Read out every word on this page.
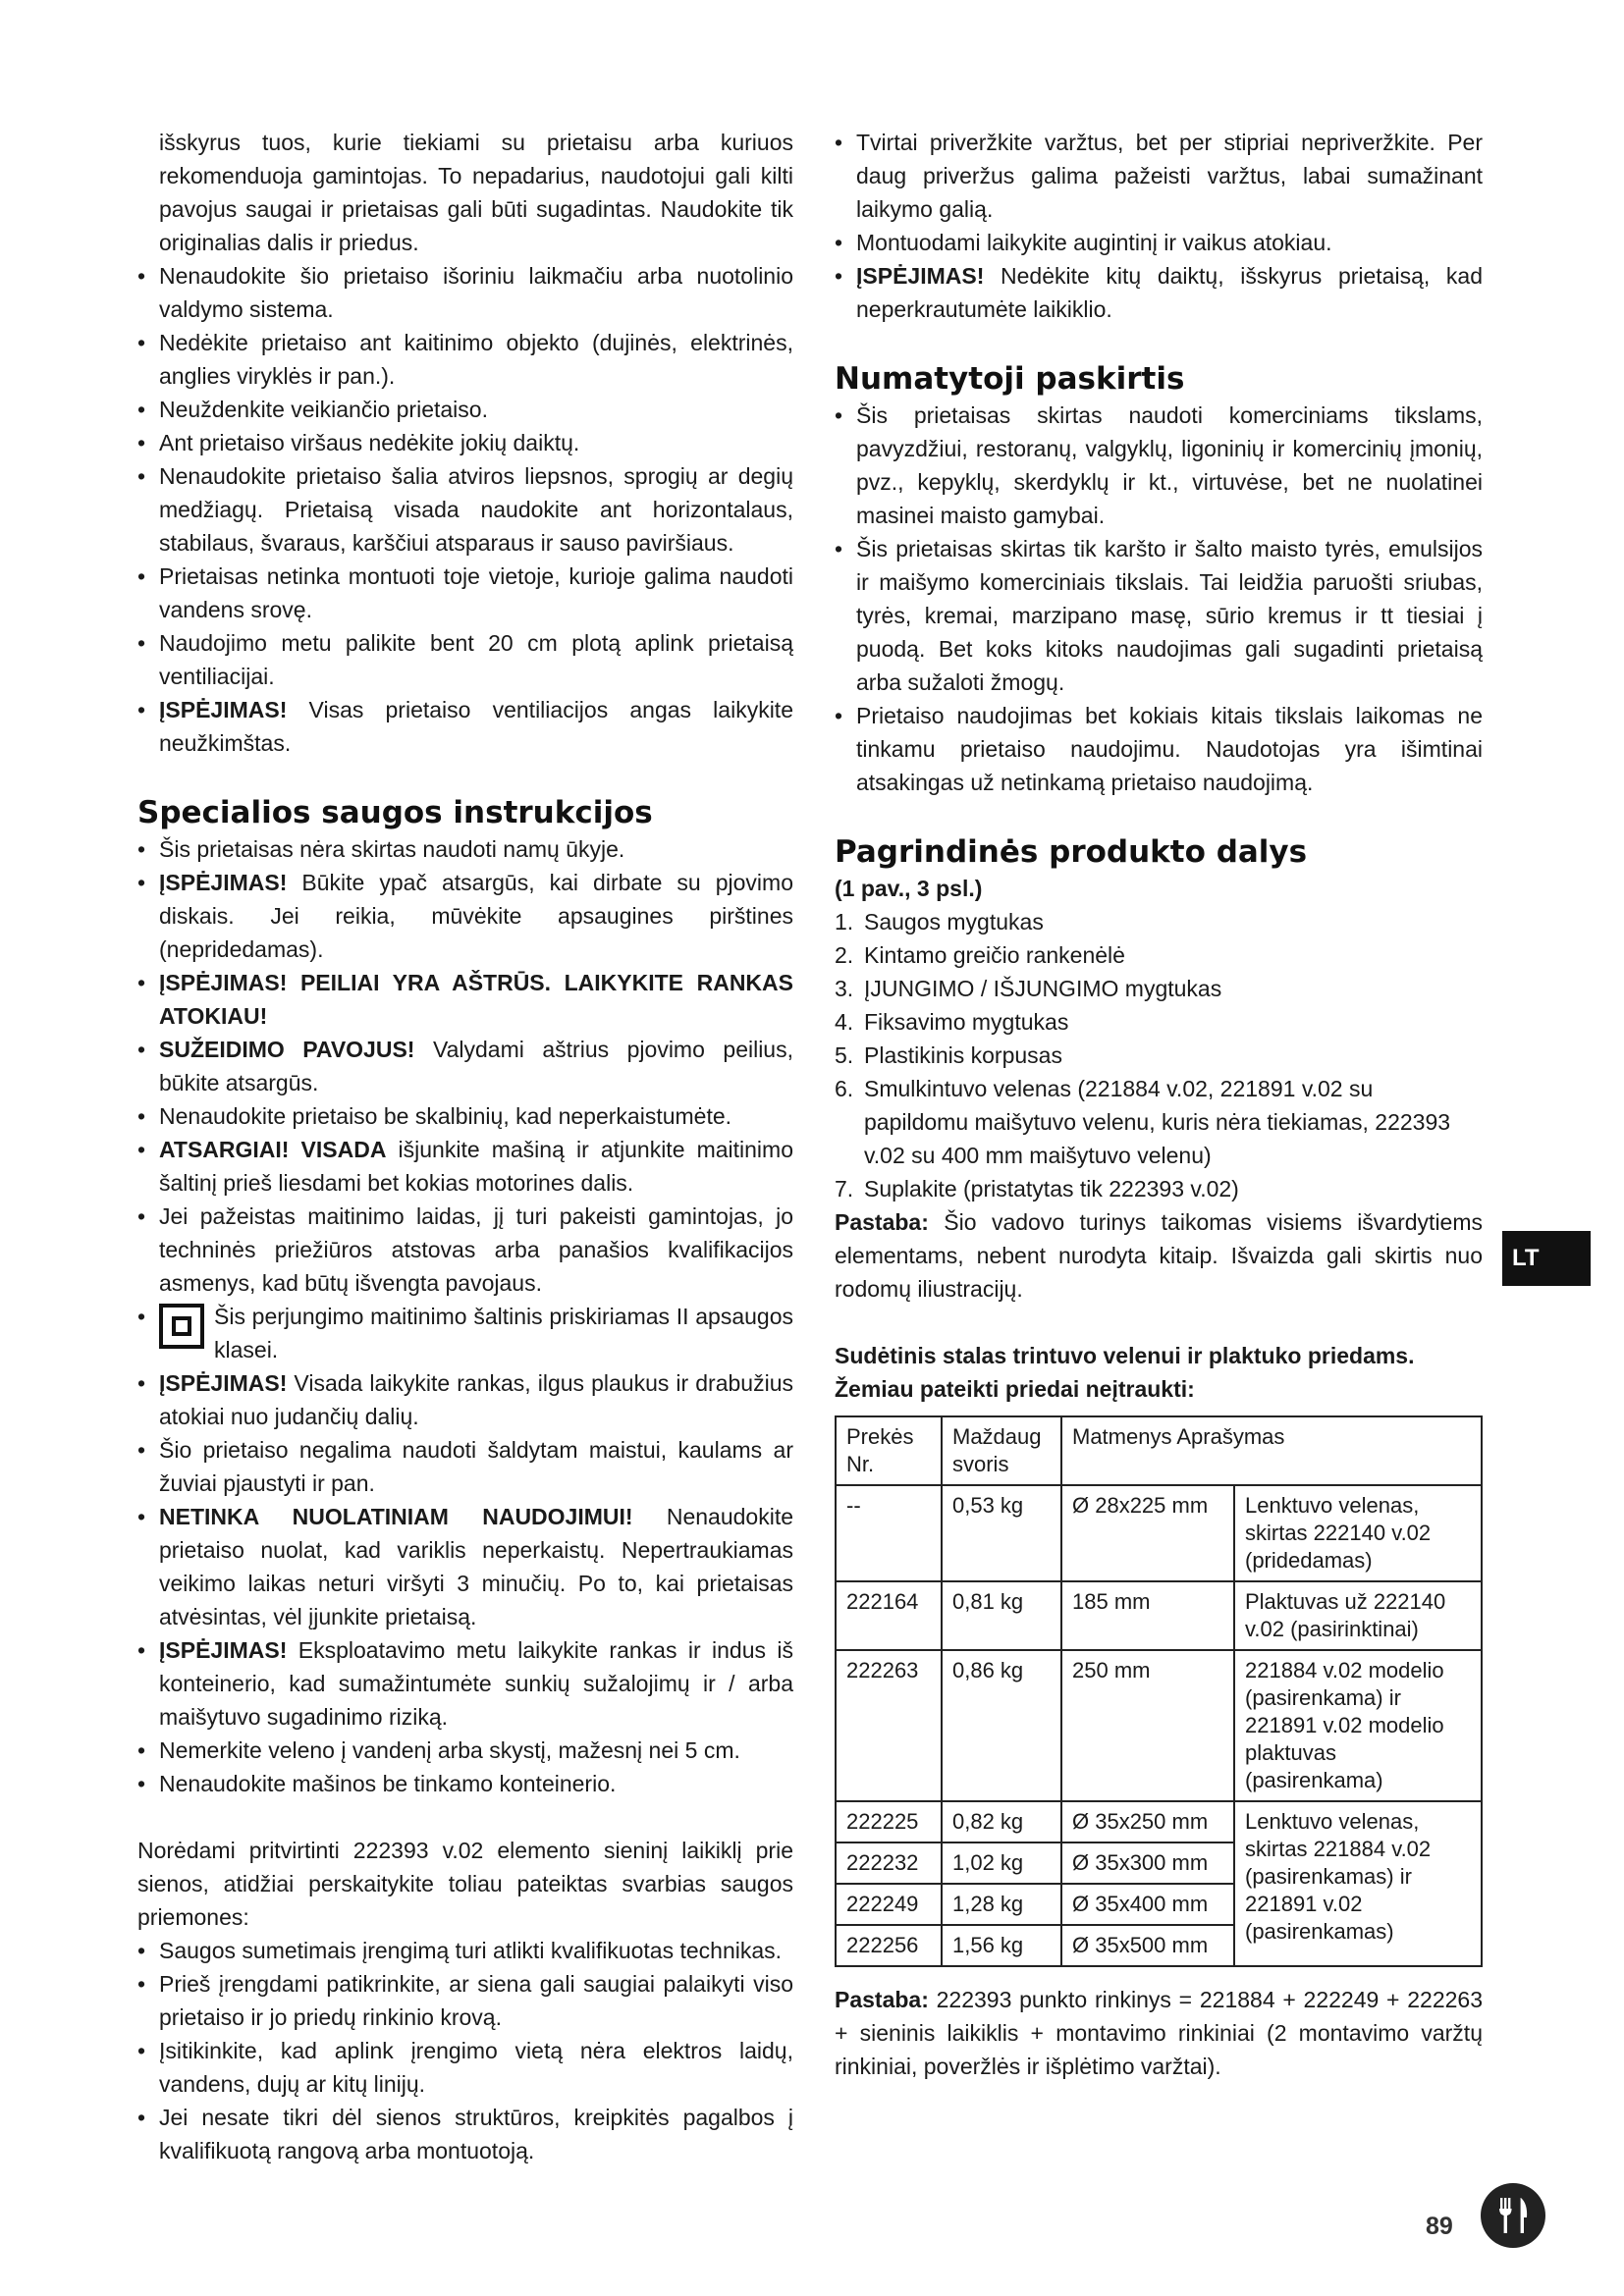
išskyrus tuos, kurie tiekiami su prietaisu arba kuriuos rekomenduoja gamintojas. To nepadarius, naudotojui gali kilti pavojus saugai ir prietaisas gali būti sugadintas. Naudokite tik originalias dalis ir priedus.

• Nenaudokite šio prietaiso išoriniu laikmačiu arba nuotolinio valdymo sistema.
• Nedėkite prietaiso ant kaitinimo objekto (dujinės, elektrinės, anglies viryklės ir pan.).
• Neuždenkite veikiančio prietaiso.
• Ant prietaiso viršaus nedėkite jokių daiktų.
• Nenaudokite prietaiso šalia atviros liepsnos, sprogių ar degių medžiagų. Prietaisą visada naudokite ant horizontalaus, stabilaus, švaraus, karščiui atsparaus ir sauso paviršiaus.
• Prietaisas netinka montuoti toje vietoje, kurioje galima naudoti vandens srovę.
• Naudojimo metu palikite bent 20 cm plotą aplink prietaisą ventiliacijai.
• ĮSPĖJIMAS! Visas prietaiso ventiliacijos angas laikykite neužkimštas.
Specialios saugos instrukcijos
• Šis prietaisas nėra skirtas naudoti namų ūkyje.
• ĮSPĖJIMAS! Būkite ypač atsargūs, kai dirbate su pjovimo diskais. Jei reikia, mūvėkite apsaugines pirštines (nepridedamas).
• ĮSPĖJIMAS! PEILIAI YRA AŠTRŪS. LAIKYKITE RANKAS ATOKIAU!
• SUŽEIDIMO PAVOJUS! Valydami aštrius pjovimo peilius, būkite atsargūs.
• Nenaudokite prietaiso be skalbinių, kad neperkaistumėte.
• ATSARGIAI! VISADA išjunkite mašiną ir atjunkite maitinimo šaltinį prieš liesdami bet kokias motorines dalis.
• Jei pažeistas maitinimo laidas, jį turi pakeisti gamintojas, jo techninės priežiūros atstovas arba panašios kvalifikacijos asmenys, kad būtų išvengta pavojaus.
• Šis perjungimo maitinimo šaltinis priskiriamas II apsaugos klasei.
• ĮSPĖJIMAS! Visada laikykite rankas, ilgus plaukus ir drabužius atokiai nuo judančių dalių.
• Šio prietaiso negalima naudoti šaldytam maistui, kaulams ar žuviai pjaustyti ir pan.
• NETINKA NUOLATINIAM NAUDOJIMUI! Nenaudokite prietaiso nuolat, kad variklis neperkaistų. Nepertraukiamas veikimo laikas neturi viršyti 3 minučių. Po to, kai prietaisas atvėsintas, vėl įjunkite prietaisą.
• ĮSPĖJIMAS! Eksploatavimo metu laikykite rankas ir indus iš konteinerio, kad sumažintumėte sunkių sužalojimų ir / arba maišytuvo sugadinimo riziką.
• Nemerkite veleno į vandenį arba skystį, mažesnį nei 5 cm.
• Nenaudokite mašinos be tinkamo konteinerio.

Norėdami pritvirtinti 222393 v.02 elemento sieninį laikiklį prie sienos, atidžiai perskaitykite toliau pateiktas svarbias saugos priemones:

• Saugos sumetimais įrengimą turi atlikti kvalifikuotas technikas.
• Prieš įrengdami patikrinkite, ar siena gali saugiai palaikyti viso prietaiso ir jo priedų rinkinio krovą.
• Įsitikinkite, kad aplink įrengimo vietą nėra elektros laidų, vandens, dujų ar kitų linijų.
• Jei nesate tikri dėl sienos struktūros, kreipkitės pagalbos į kvalifikuotą rangovą arba montuotoją.
• Tvirtai priveržkite varžtus, bet per stipriai nepriveržkite. Per daug priveržus galima pažeisti varžtus, labai sumažinant laikymo galią.
• Montuodami laikykite augintinį ir vaikus atokiau.
• ĮSPĖJIMAS! Nedėkite kitų daiktų, išskyrus prietaisą, kad neperkrautumėte laikiklio.
Numatytoji paskirtis
• Šis prietaisas skirtas naudoti komerciniams tikslams, pavyzdžiui, restoranų, valgyklų, ligoninių ir komercinių įmonių, pvz., kepyklų, skerdyklų ir kt., virtuvėse, bet ne nuolatinei masinei maisto gamybai.
• Šis prietaisas skirtas tik karšto ir šalto maisto tyrės, emulsijos ir maišymo komerciniais tikslais. Tai leidžia paruošti sriubas, tyrės, kremai, marzipano masę, sūrio kremus ir tt tiesiai į puodą. Bet koks kitoks naudojimas gali sugadinti prietaisą arba sužaloti žmogų.
• Prietaiso naudojimas bet kokiais kitais tikslais laikomas ne tinkamu prietaiso naudojimu. Naudotojas yra išimtinai atsakingas už netinkamą prietaiso naudojimą.
Pagrindinės produkto dalys
(1 pav., 3 psl.)
1. Saugos mygtukas
2. Kintamo greičio rankenėlė
3. ĮJUNGIMO / IŠJUNGIMO mygtukas
4. Fiksavimo mygtukas
5. Plastikinis korpusas
6. Smulkintuvo velenas (221884 v.02, 221891 v.02 su papildomu maišytuvo velenu, kuris nėra tiekiamas, 222393 v.02 su 400 mm maišytuvo velenu)
7. Suplakite (pristatytas tik 222393 v.02)

Pastaba: Šio vadovo turinys taikomas visiems išvardytiems elementams, nebent nurodyta kitaip. Išvaizda gali skirtis nuo rodomų iliustracijų.

Sudėtinis stalas trintuvo velenui ir plaktuko priedams.
Žemiau pateikti priedai neįtraukti:
Prekės Nr.	Maždaug svoris	Matmenys Aprašymas	
--	0,53 kg	Ø 28x225 mm	Lenktuvo velenas, skirtas 222140 v.02 (pridedamas)
222164	0,81 kg	185 mm	Plaktuvas už 222140 v.02 (pasirinktinai)
222263	0,86 kg	250 mm	221884 v.02 modelio (pasirenkama) ir 221891 v.02 modelio plaktuvas (pasirenkama)
222225	0,82 kg	Ø 35x250 mm	Lenktuvo velenas, skirtas 221884 v.02 (pasirenkamas) ir 221891 v.02 (pasirenkamas)
222232	1,02 kg	Ø 35x300 mm	
222249	1,28 kg	Ø 35x400 mm	
222256	1,56 kg	Ø 35x500 mm	

Pastaba: 222393 punkto rinkinys = 221884 + 222249 + 222263 + sieninis laikiklis + montavimo rinkiniai (2 montavimo varžtų rinkiniai, poveržlės ir išplėtimo varžtai).

LT
89
